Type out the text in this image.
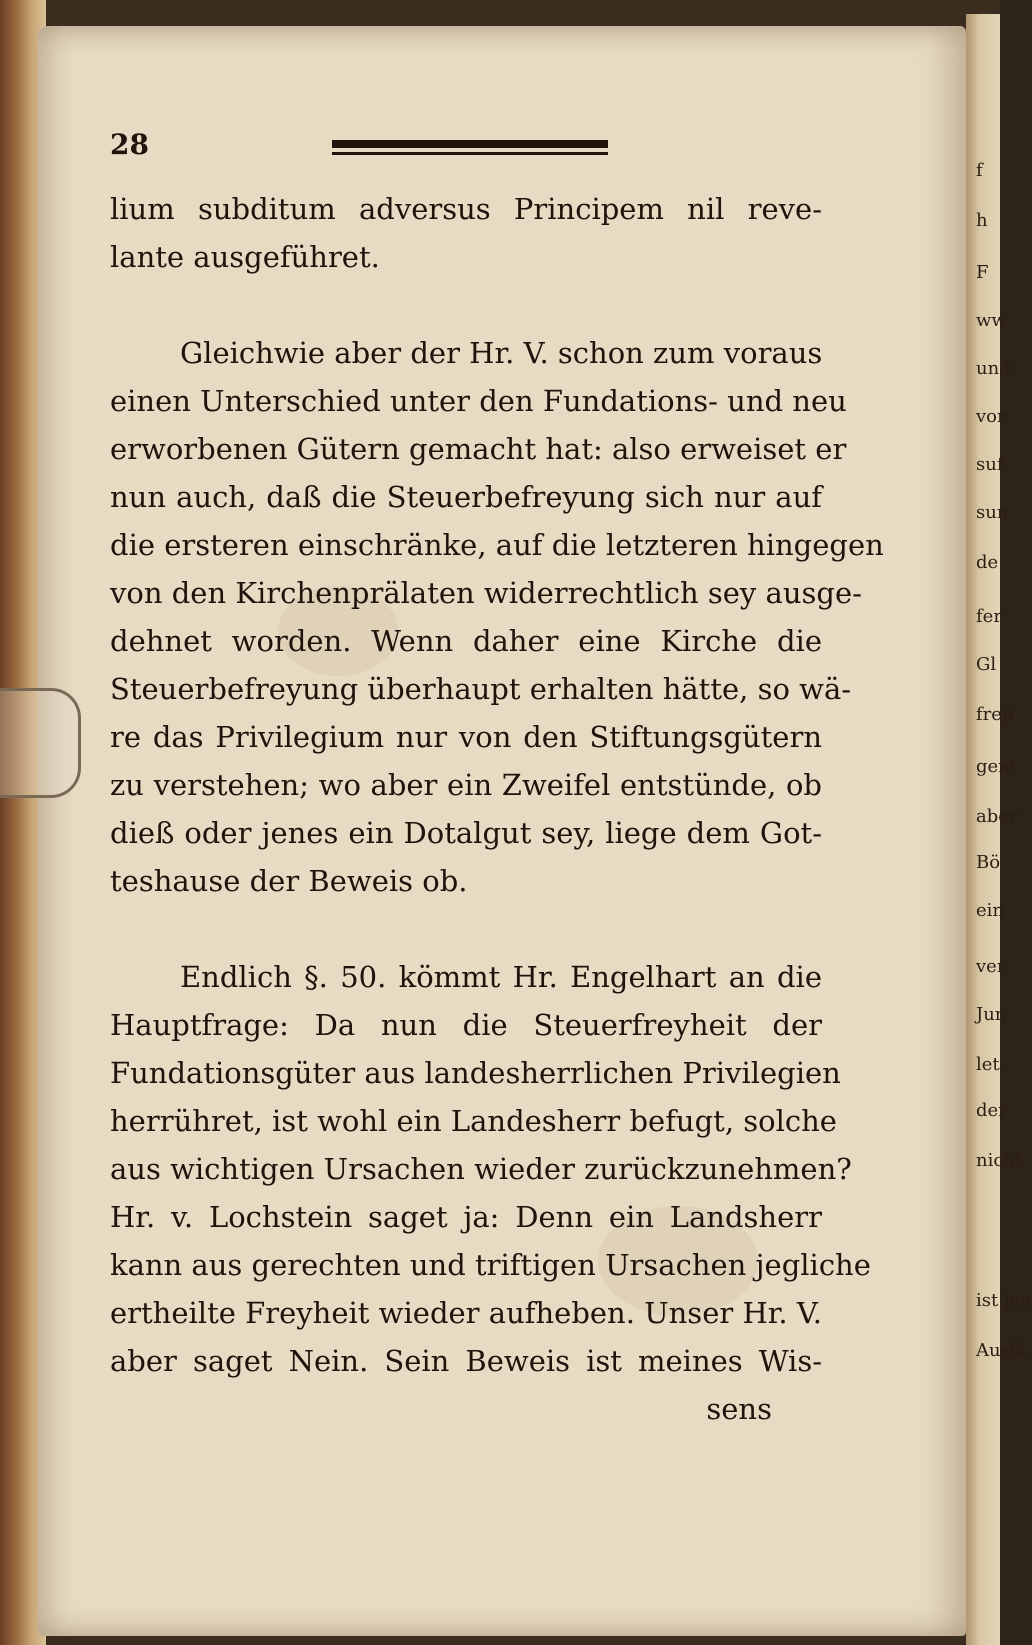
f
h
F
ww
und
vor
suf
sun
de
fer
Gl
frep
gem
aber
Bö
ein
ver
Jun
let,
der
nicht
ist jen
Auslä
28
lium subditum adversus Principem nil reve-
lante ausgeführet.
Gleichwie aber der Hr. V. schon zum voraus
einen Unterschied unter den Fundations- und neu
erworbenen Gütern gemacht hat: also erweiset er
nun auch, daß die Steuerbefreyung sich nur auf
die ersteren einschränke, auf die letzteren hingegen
von den Kirchenprälaten widerrechtlich sey ausge-
dehnet worden. Wenn daher eine Kirche die
Steuerbefreyung überhaupt erhalten hätte, so wä-
re das Privilegium nur von den Stiftungsgütern
zu verstehen; wo aber ein Zweifel entstünde, ob
dieß oder jenes ein Dotalgut sey, liege dem Got-
teshause der Beweis ob.
Endlich §. 50. kömmt Hr. Engelhart an die
Hauptfrage: Da nun die Steuerfreyheit der
Fundationsgüter aus landesherrlichen Privilegien
herrühret, ist wohl ein Landesherr befugt, solche
aus wichtigen Ursachen wieder zurückzunehmen?
Hr. v. Lochstein saget ja: Denn ein Landsherr
kann aus gerechten und triftigen Ursachen jegliche
ertheilte Freyheit wieder aufheben. Unser Hr. V.
aber saget Nein. Sein Beweis ist meines Wis-
sens
